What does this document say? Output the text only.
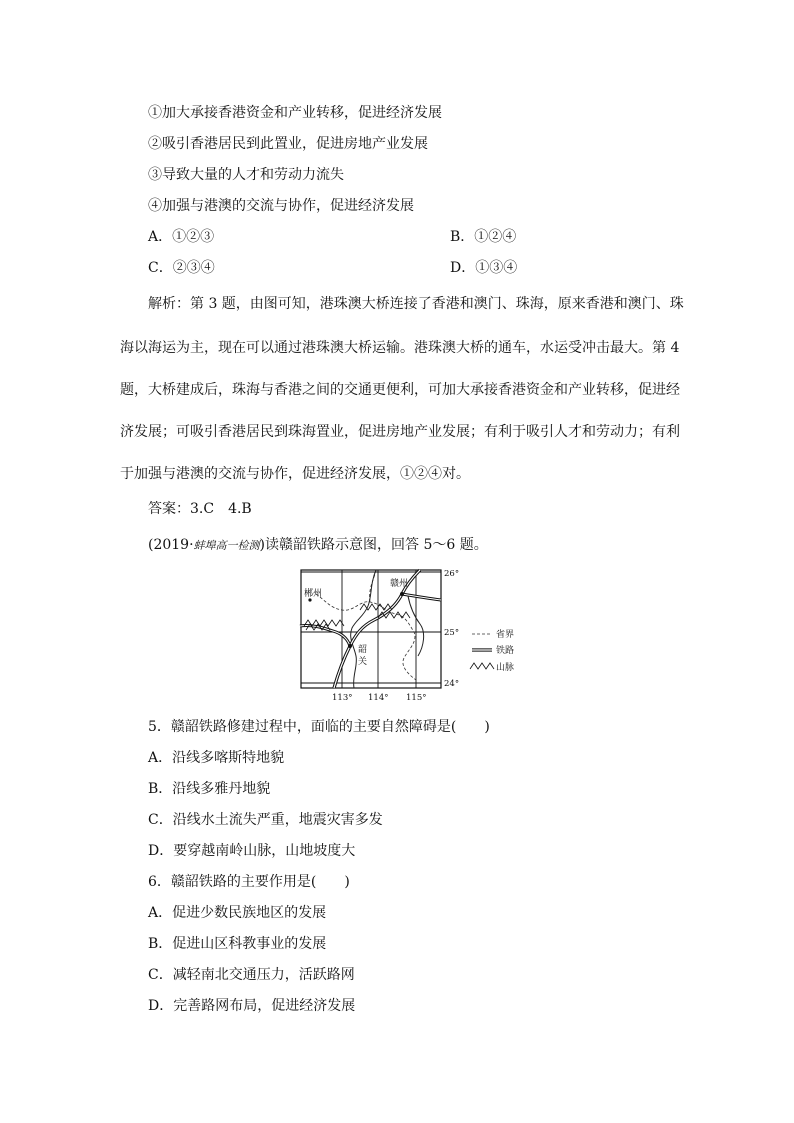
①加大承接香港资金和产业转移，促进经济发展
②吸引香港居民到此置业，促进房地产业发展
③导致大量的人才和劳动力流失
④加强与港澳的交流与协作，促进经济发展
A．①②③	B．①②④
C．②③④	D．①③④
解析：第 3 题，由图可知，港珠澳大桥连接了香港和澳门、珠海，原来香港和澳门、珠
海以海运为主，现在可以通过港珠澳大桥运输。港珠澳大桥的通车，水运受冲击最大。第 4
题，大桥建成后，珠海与香港之间的交通更便利，可加大承接香港资金和产业转移，促进经
济发展；可吸引香港居民到珠海置业，促进房地产业发展；有利于吸引人才和劳动力；有利
于加强与港澳的交流与协作，促进经济发展，①②④对。
答案：3.C　4.B
(2019·蚌埠高一检测)读赣韶铁路示意图，回答 5～6 题。
郴州
赣州
韶
关
26°
25°
24°
113° 114° 115°
省界
铁路
山脉
5．赣韶铁路修建过程中，面临的主要自然障碍是(　　)
A．沿线多喀斯特地貌
B．沿线多雅丹地貌
C．沿线水土流失严重，地震灾害多发
D．要穿越南岭山脉，山地坡度大
6．赣韶铁路的主要作用是(　　)
A．促进少数民族地区的发展
B．促进山区科教事业的发展
C．减轻南北交通压力，活跃路网
D．完善路网布局，促进经济发展
